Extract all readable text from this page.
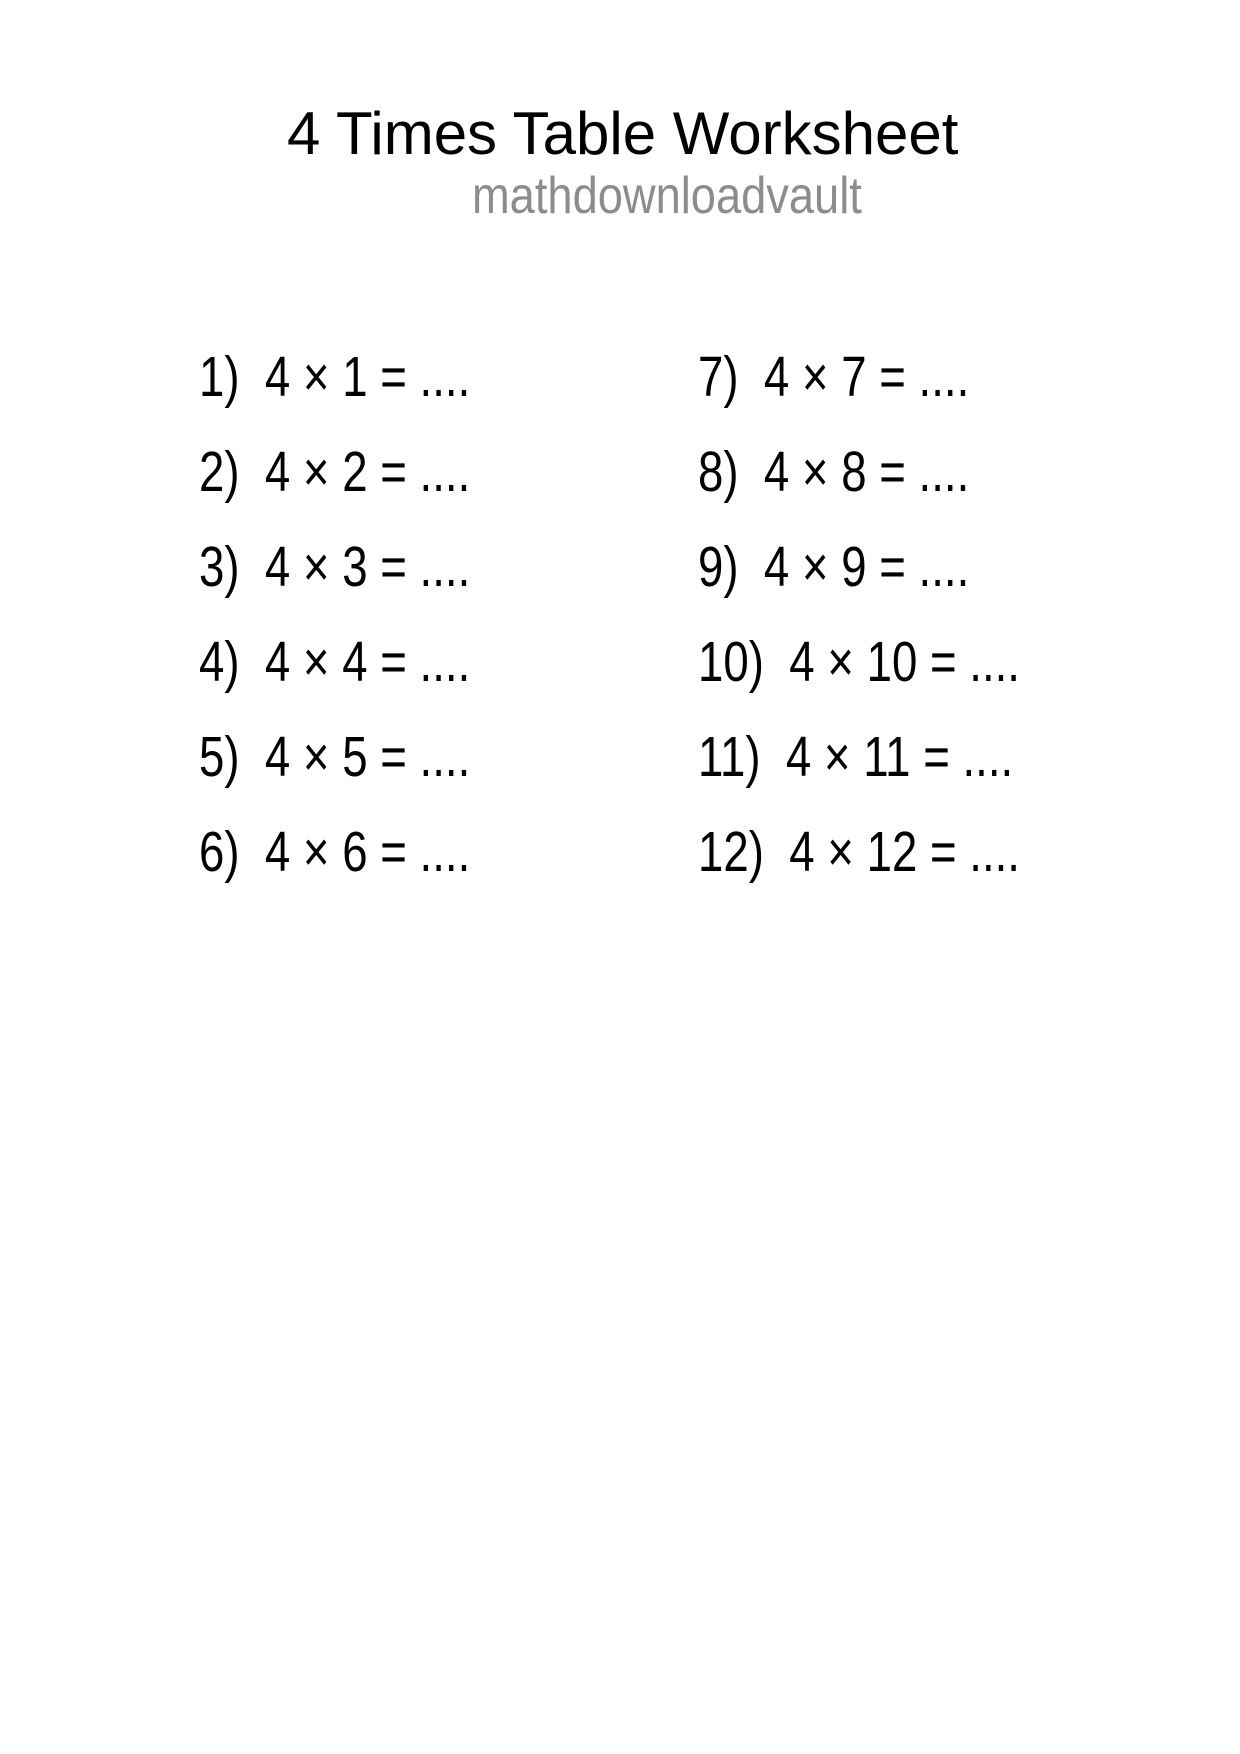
4 Times Table Worksheet
mathdownloadvault
1) 4 × 1 = ....
2) 4 × 2 = ....
3) 4 × 3 = ....
4) 4 × 4 = ....
5) 4 × 5 = ....
6) 4 × 6 = ....
7) 4 × 7 = ....
8) 4 × 8 = ....
9) 4 × 9 = ....
10) 4 × 10 = ....
11) 4 × 11 = ....
12) 4 × 12 = ....
